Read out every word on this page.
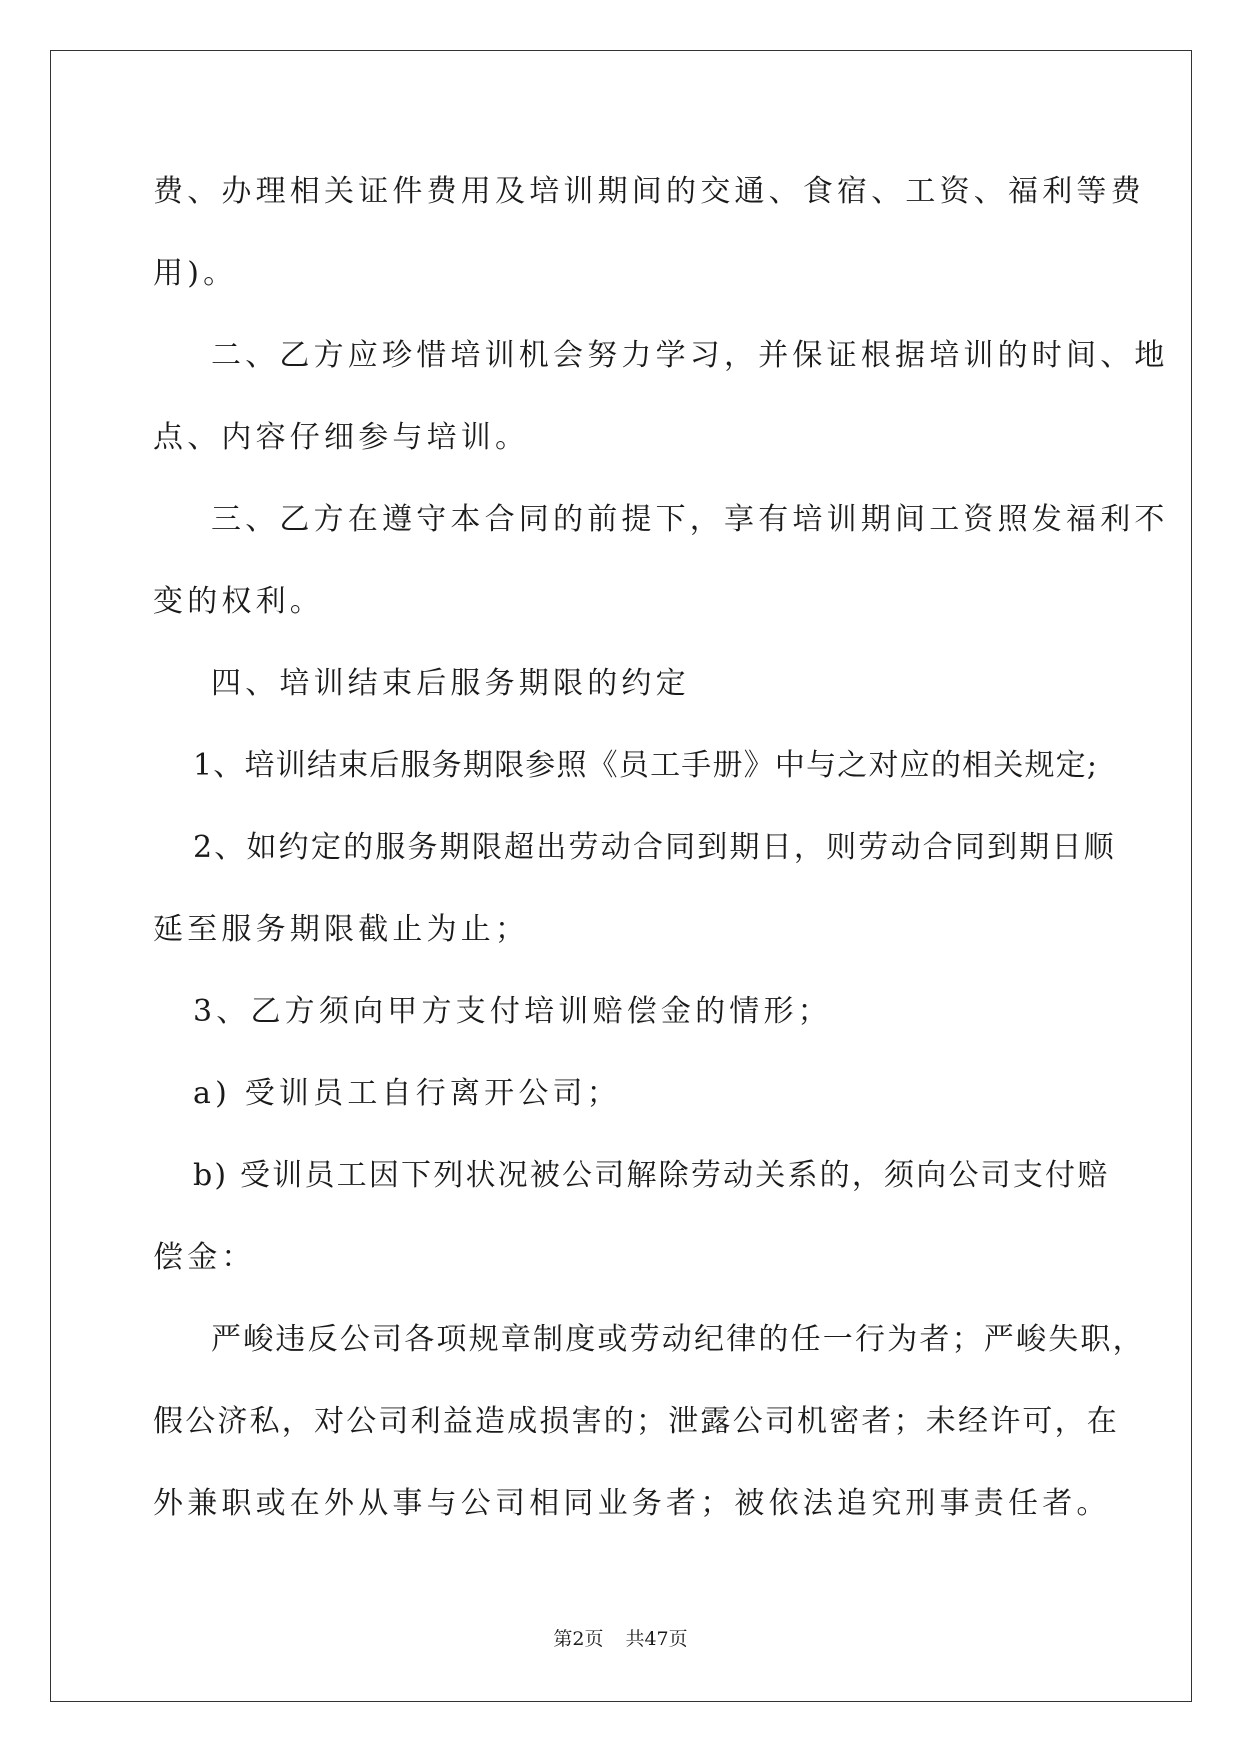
费、办理相关证件费用及培训期间的交通、食宿、工资、福利等费
用)。
二、乙方应珍惜培训机会努力学习，并保证根据培训的时间、地
点、内容仔细参与培训。
三、乙方在遵守本合同的前提下，享有培训期间工资照发福利不
变的权利。
四、培训结束后服务期限的约定
1、培训结束后服务期限参照《员工手册》中与之对应的相关规定;
2、如约定的服务期限超出劳动合同到期日，则劳动合同到期日顺
延至服务期限截止为止；
3、乙方须向甲方支付培训赔偿金的情形；
a) 受训员工自行离开公司；
b) 受训员工因下列状况被公司解除劳动关系的，须向公司支付赔
偿金：
严峻违反公司各项规章制度或劳动纪律的任一行为者；严峻失职，
假公济私，对公司利益造成损害的；泄露公司机密者；未经许可，在
外兼职或在外从事与公司相同业务者；被依法追究刑事责任者。
第2页 共47页
